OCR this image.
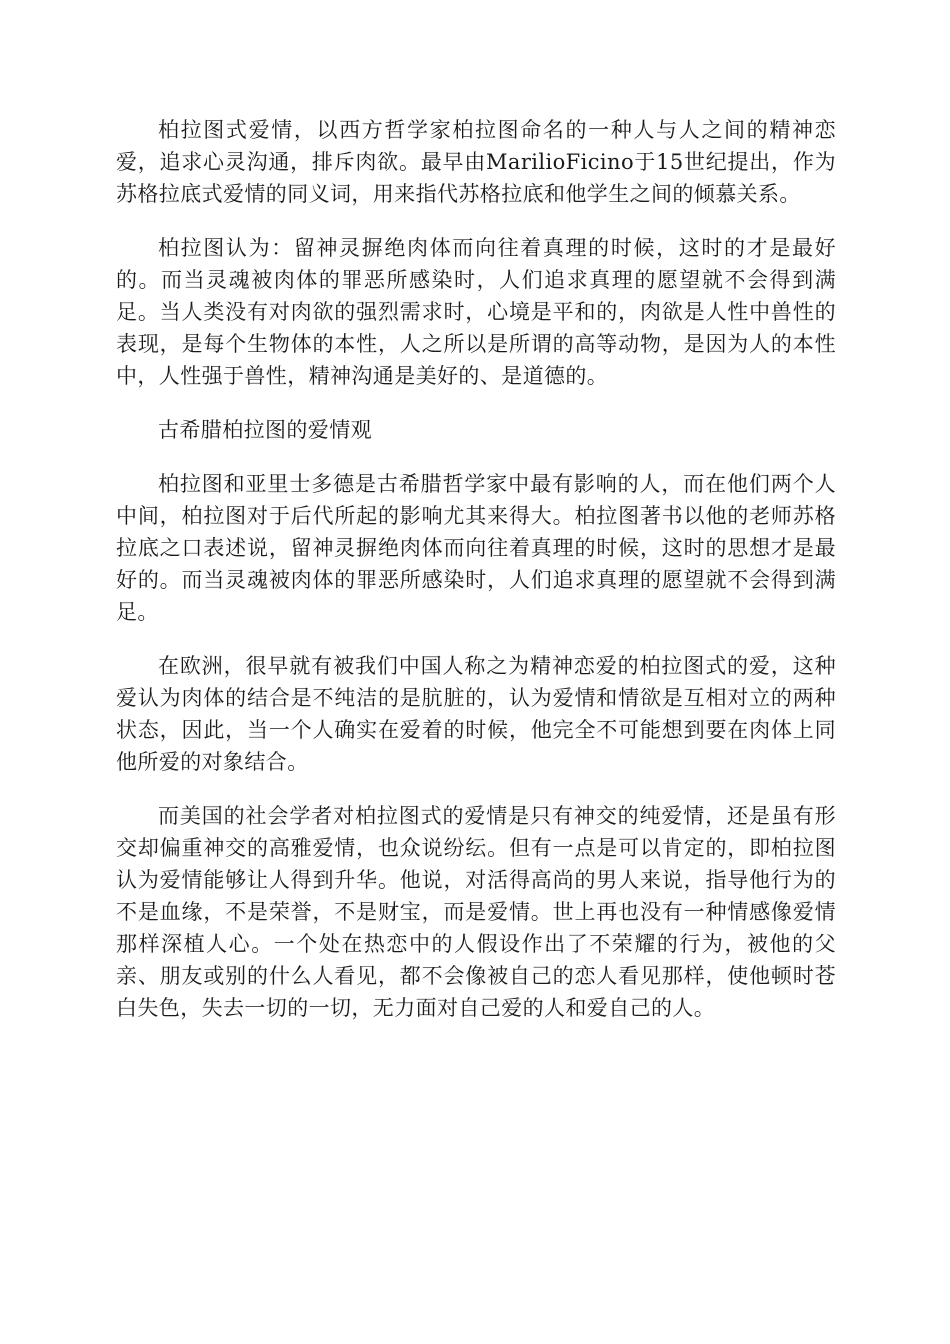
柏拉图式爱情，以西方哲学家柏拉图命名的一种人与人之间的精神恋爱，追求心灵沟通，排斥肉欲。最早由MarilioFicino于15世纪提出，作为苏格拉底式爱情的同义词，用来指代苏格拉底和他学生之间的倾慕关系。

柏拉图认为：留神灵摒绝肉体而向往着真理的时候，这时的才是最好的。而当灵魂被肉体的罪恶所感染时，人们追求真理的愿望就不会得到满足。当人类没有对肉欲的强烈需求时，心境是平和的，肉欲是人性中兽性的表现，是每个生物体的本性，人之所以是所谓的高等动物，是因为人的本性中，人性强于兽性，精神沟通是美好的、是道德的。

古希腊柏拉图的爱情观

柏拉图和亚里士多德是古希腊哲学家中最有影响的人，而在他们两个人中间，柏拉图对于后代所起的影响尤其来得大。柏拉图著书以他的老师苏格拉底之口表述说，留神灵摒绝肉体而向往着真理的时候，这时的思想才是最好的。而当灵魂被肉体的罪恶所感染时，人们追求真理的愿望就不会得到满足。

在欧洲，很早就有被我们中国人称之为精神恋爱的柏拉图式的爱，这种爱认为肉体的结合是不纯洁的是肮脏的，认为爱情和情欲是互相对立的两种状态，因此，当一个人确实在爱着的时候，他完全不可能想到要在肉体上同他所爱的对象结合。

而美国的社会学者对柏拉图式的爱情是只有神交的纯爱情，还是虽有形交却偏重神交的高雅爱情，也众说纷纭。但有一点是可以肯定的，即柏拉图认为爱情能够让人得到升华。他说，对活得高尚的男人来说，指导他行为的不是血缘，不是荣誉，不是财宝，而是爱情。世上再也没有一种情感像爱情那样深植人心。一个处在热恋中的人假设作出了不荣耀的行为，被他的父亲、朋友或别的什么人看见，都不会像被自己的恋人看见那样，使他顿时苍白失色，失去一切的一切，无力面对自己爱的人和爱自己的人。
